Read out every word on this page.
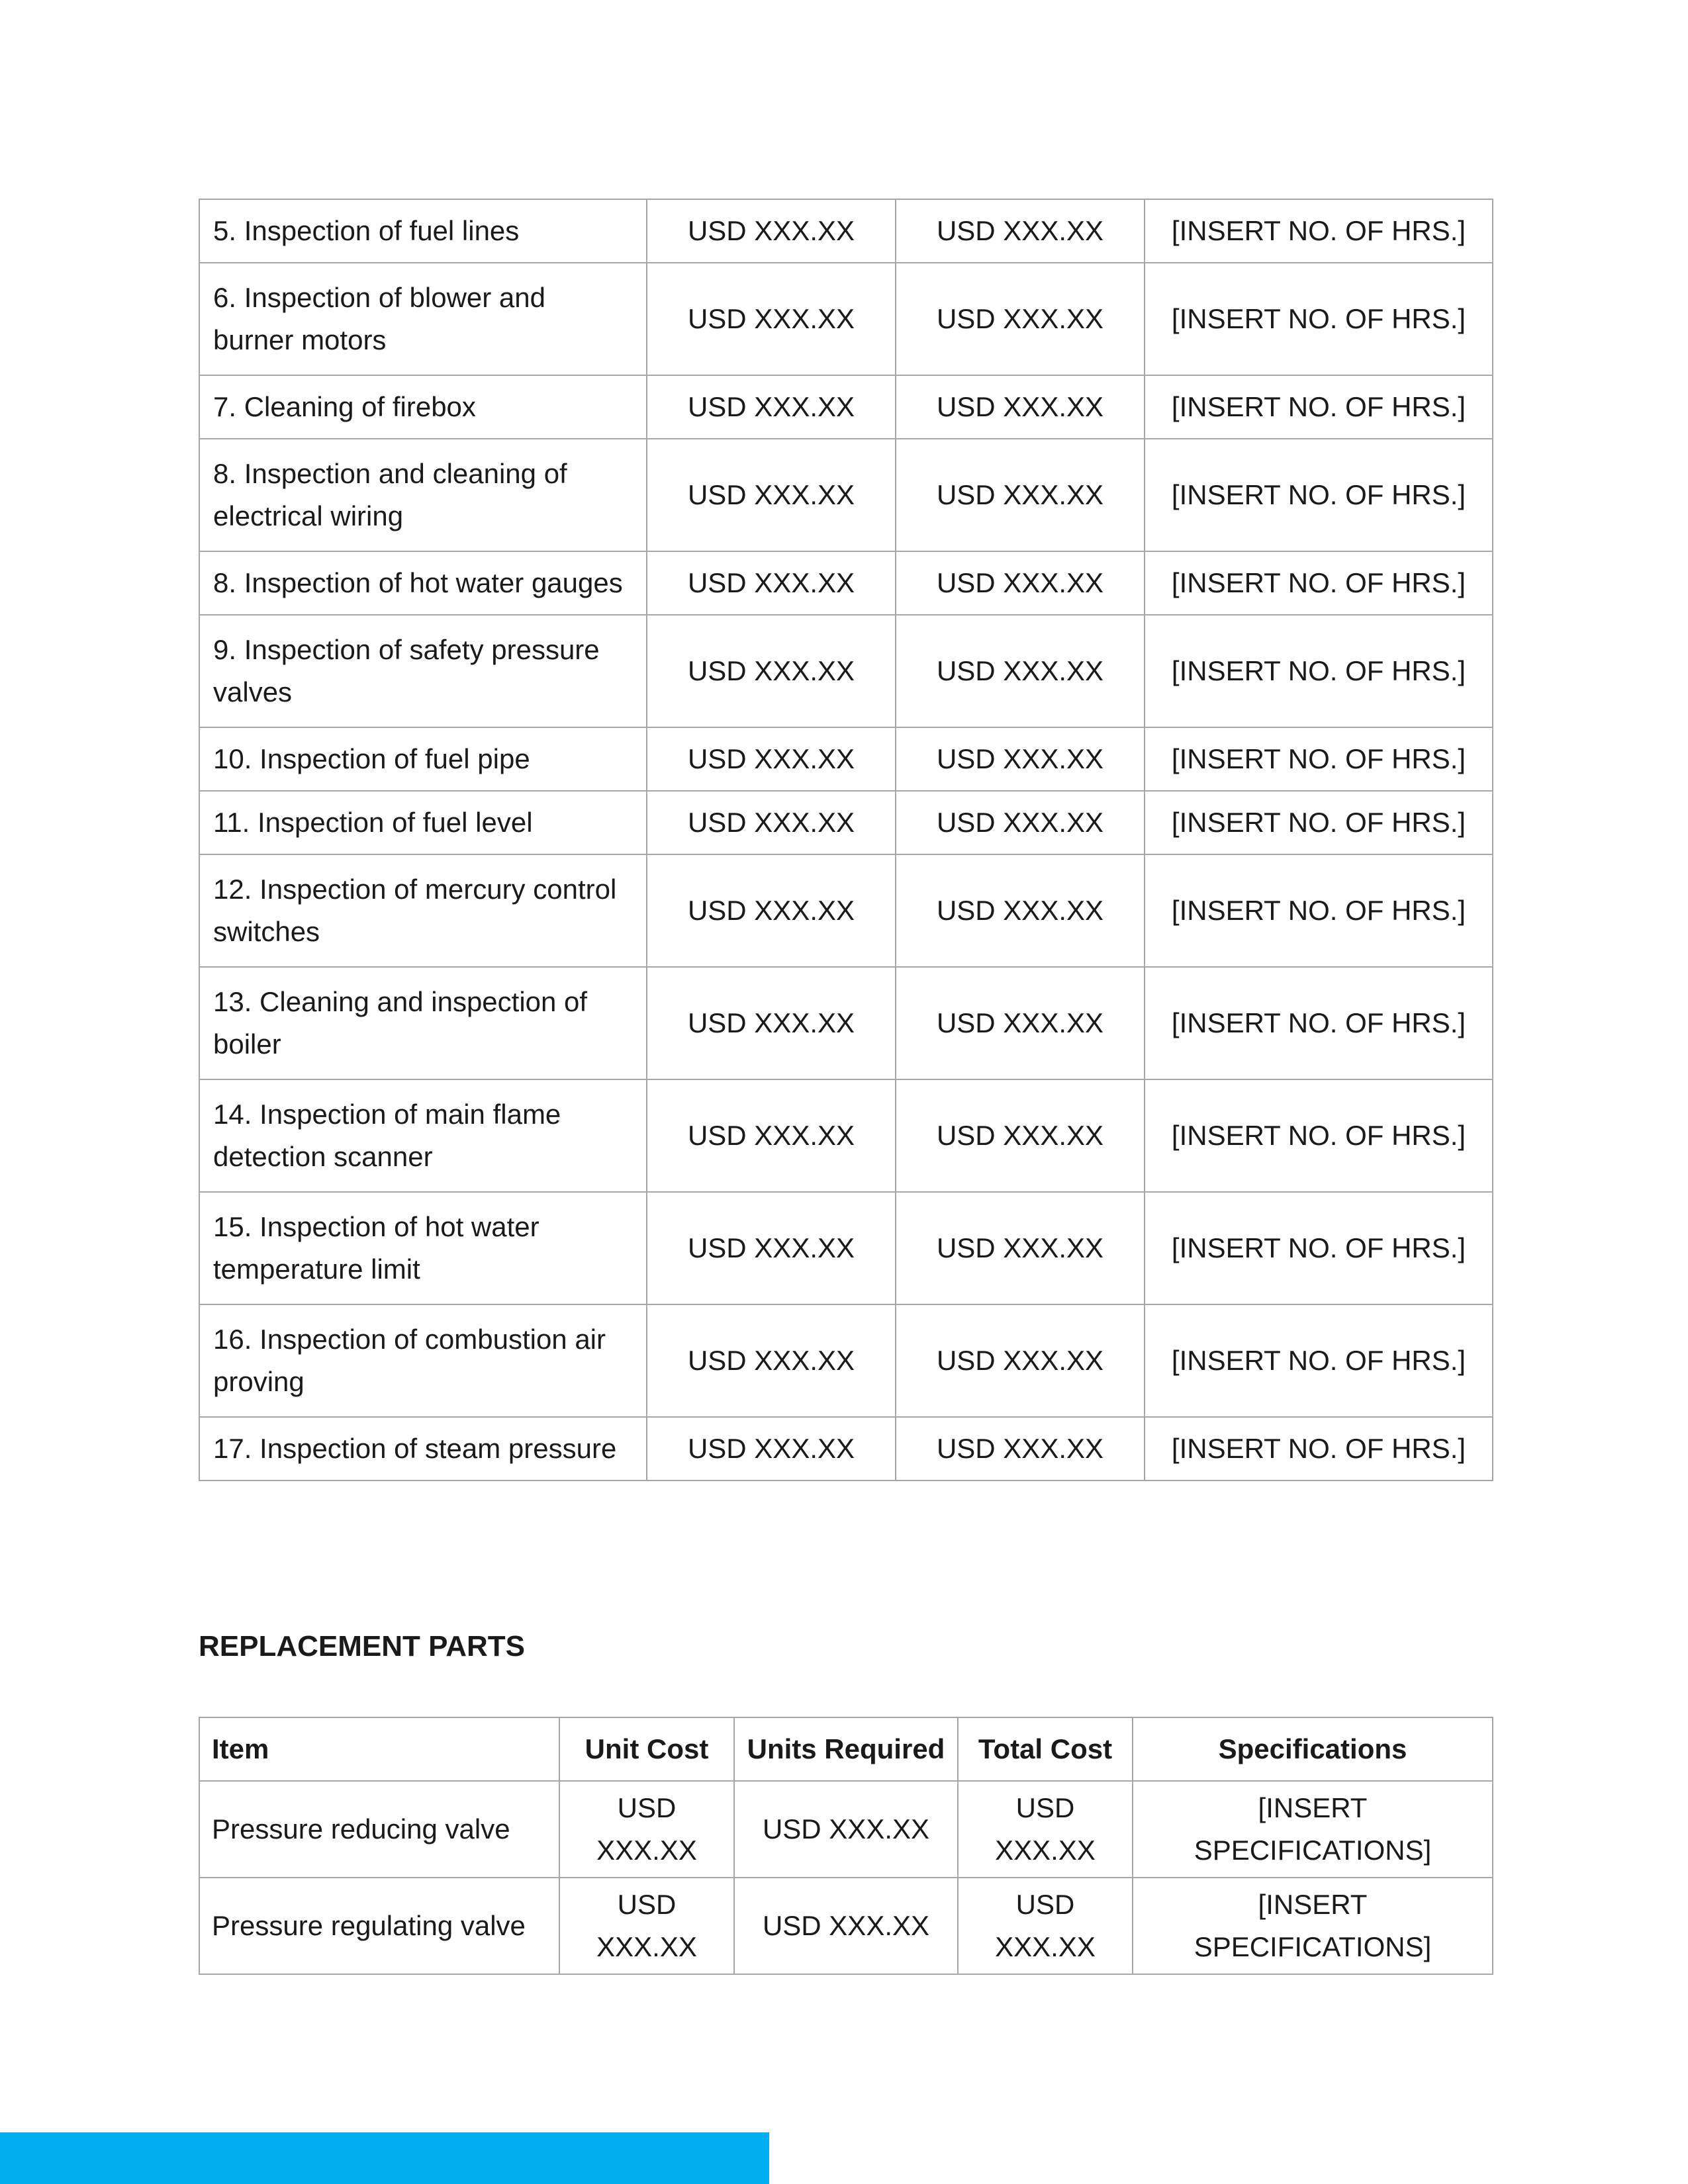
5. Inspection of fuel lines	USD XXX.XX	USD XXX.XX	[INSERT NO. OF HRS.]
6. Inspection of blower and burner motors	USD XXX.XX	USD XXX.XX	[INSERT NO. OF HRS.]
7. Cleaning of firebox	USD XXX.XX	USD XXX.XX	[INSERT NO. OF HRS.]
8. Inspection and cleaning of electrical wiring	USD XXX.XX	USD XXX.XX	[INSERT NO. OF HRS.]
8. Inspection of hot water gauges	USD XXX.XX	USD XXX.XX	[INSERT NO. OF HRS.]
9. Inspection of safety pressure valves	USD XXX.XX	USD XXX.XX	[INSERT NO. OF HRS.]
10. Inspection of fuel pipe	USD XXX.XX	USD XXX.XX	[INSERT NO. OF HRS.]
11. Inspection of fuel level	USD XXX.XX	USD XXX.XX	[INSERT NO. OF HRS.]
12. Inspection of mercury control switches	USD XXX.XX	USD XXX.XX	[INSERT NO. OF HRS.]
13. Cleaning and inspection of boiler	USD XXX.XX	USD XXX.XX	[INSERT NO. OF HRS.]
14. Inspection of main flame detection scanner	USD XXX.XX	USD XXX.XX	[INSERT NO. OF HRS.]
15. Inspection of hot water temperature limit	USD XXX.XX	USD XXX.XX	[INSERT NO. OF HRS.]
16. Inspection of combustion air proving	USD XXX.XX	USD XXX.XX	[INSERT NO. OF HRS.]
17. Inspection of steam pressure	USD XXX.XX	USD XXX.XX	[INSERT NO. OF HRS.]
REPLACEMENT PARTS
Item	Unit Cost	Units Required	Total Cost	Specifications
Pressure reducing valve	USD XXX.XX	USD XXX.XX	USD XXX.XX	[INSERT SPECIFICATIONS]
Pressure regulating valve	USD XXX.XX	USD XXX.XX	USD XXX.XX	[INSERT SPECIFICATIONS]
